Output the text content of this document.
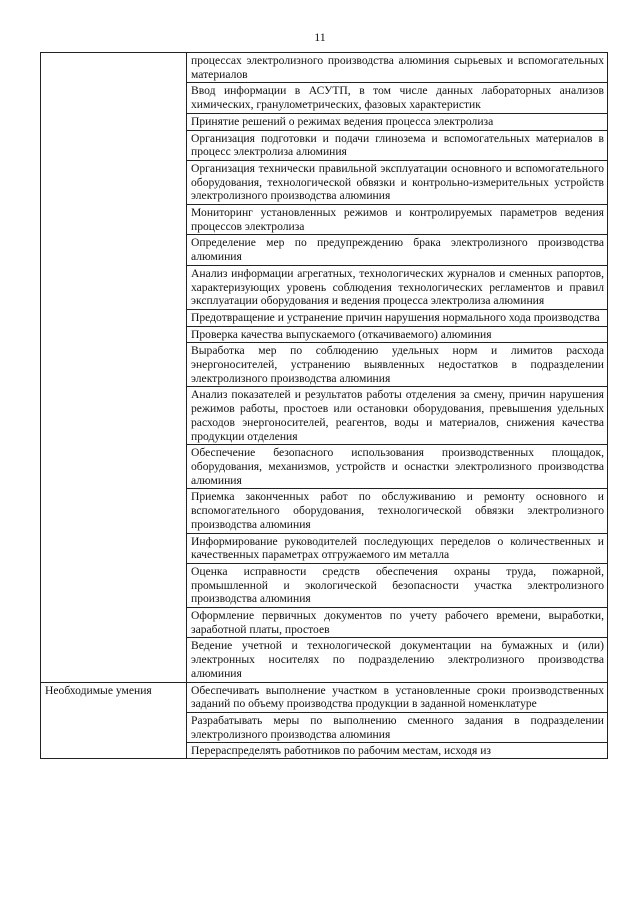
11
	процессах электролизного производства алюминия сырьевых и вспомогательных материалов
	Ввод информации в АСУТП, в том числе данных лабораторных анализов химических, гранулометрических, фазовых характеристик
	Принятие решений о режимах ведения процесса электролиза
	Организация подготовки и подачи глинозема и вспомогательных материалов в процесс электролиза алюминия
	Организация технически правильной эксплуатации основного и вспомогательного оборудования, технологической обвязки и контрольно-измерительных устройств электролизного производства алюминия
	Мониторинг установленных режимов и контролируемых параметров ведения процессов электролиза
	Определение мер по предупреждению брака электролизного производства алюминия
	Анализ информации агрегатных, технологических журналов и сменных рапортов, характеризующих уровень соблюдения технологических регламентов и правил эксплуатации оборудования и ведения процесса электролиза алюминия
	Предотвращение и устранение причин нарушения нормального хода производства
	Проверка качества выпускаемого (откачиваемого) алюминия
	Выработка мер по соблюдению удельных норм и лимитов расхода энергоносителей, устранению выявленных недостатков в подразделении электролизного производства алюминия
	Анализ показателей и результатов работы отделения за смену, причин нарушения режимов работы, простоев или остановки оборудования, превышения удельных расходов энергоносителей, реагентов, воды и материалов, снижения качества продукции отделения
	Обеспечение безопасного использования производственных площадок, оборудования, механизмов, устройств и оснастки электролизного производства алюминия
	Приемка законченных работ по обслуживанию и ремонту основного и вспомогательного оборудования, технологической обвязки электролизного производства алюминия
	Информирование руководителей последующих переделов о количественных и качественных параметрах отгружаемого им металла
	Оценка исправности средств обеспечения охраны труда, пожарной, промышленной и экологической безопасности участка электролизного производства алюминия
	Оформление первичных документов по учету рабочего времени, выработки, заработной платы, простоев
	Ведение учетной и технологической документации на бумажных и (или) электронных носителях по подразделению электролизного производства алюминия
Необходимые умения	Обеспечивать выполнение участком в установленные сроки производственных заданий по объему производства продукции в заданной номенклатуре
	Разрабатывать меры по выполнению сменного задания в подразделении электролизного производства алюминия

	Перераспределять работников по рабочим местам, исходя из
